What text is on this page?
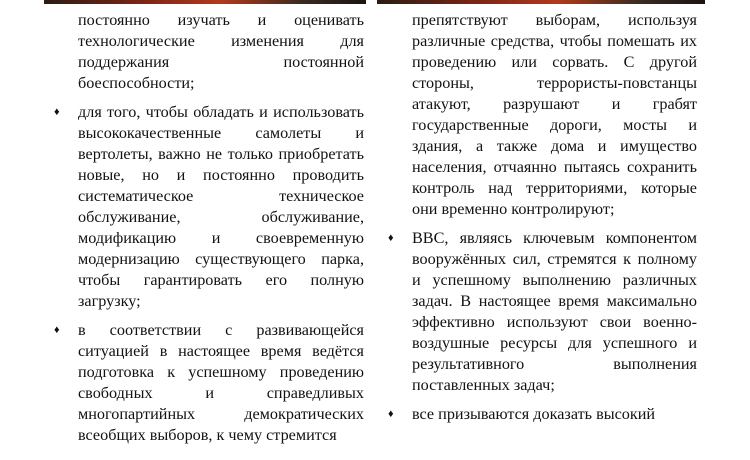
постоянно изучать и оценивать технологические изменения для поддержания постоянной боеспособности;
♦	для того, чтобы обладать и использовать высококачественные самолеты и вертолеты, важно не только приобретать новые, но и постоянно проводить систематическое техническое обслуживание, обслуживание, модификацию и своевременную модернизацию существующего парка, чтобы гарантировать его полную загрузку;
♦	в соответствии с развивающейся ситуацией в настоящее время ведётся подготовка к успешному проведению свободных и справедливых многопартийных демократических всеобщих выборов, к чему стремится
препятствуют выборам, используя различные средства, чтобы помешать их проведению или сорвать. С другой стороны, террористы-повстанцы атакуют, разрушают и грабят государственные дороги, мосты и здания, а также дома и имущество населения, отчаянно пытаясь сохранить контроль над территориями, которые они временно контролируют;
♦	ВВС, являясь ключевым компонентом вооружённых сил, стремятся к полному и успешному выполнению различных задач. В настоящее время максимально эффективно используют свои военно-воздушные ресурсы для успешного и результативного выполнения поставленных задач;
♦	все призываются доказать высокий
